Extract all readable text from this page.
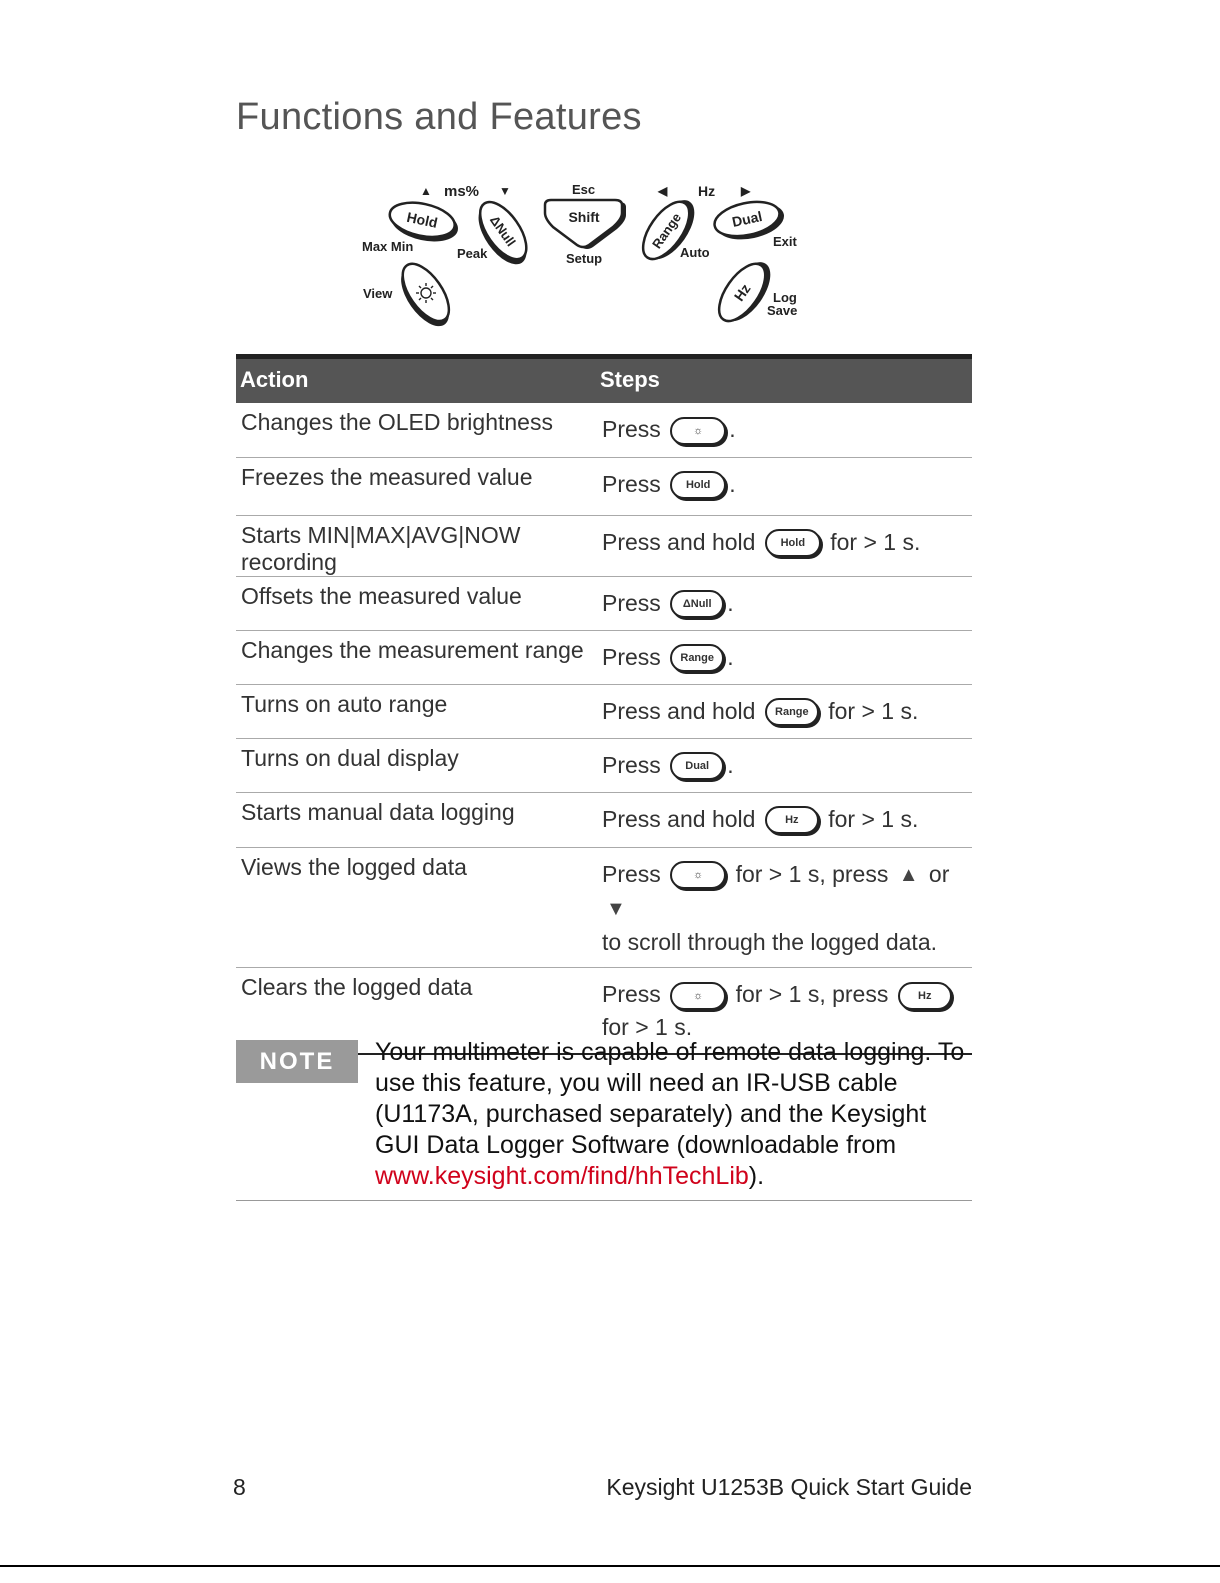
Functions and Features
▲ ms% ▼	Esc	◀ Hz ▶
Hold	ΔNull	Shift	Range	Dual
Max Min	Peak	Setup	Auto
Exit
View	Hz Log
Save
Action	Steps
Changes the OLED brightness	Press ☼ .
Freezes the measured value	Press Hold .
Starts MIN|MAX|AVG|NOW recording	Press and hold Hold for > 1 s.
Offsets the measured value	Press ΔNull .
Changes the measurement range	Press Range .
Turns on auto range	Press and hold Range for > 1 s.
Turns on dual display	Press Dual .
Starts manual data logging	Press and hold Hz for > 1 s.
Views the logged data	Press ☼ for > 1 s, press ▲ or ▼
to scroll through the logged data.
Clears the logged data	Press ☼ for > 1 s, press Hz
for > 1 s.
NOTE	Your multimeter is capable of remote data logging. To use this feature, you will need an IR-USB cable (U1173A, purchased separately) and the Keysight GUI Data Logger Software (downloadable from www.keysight.com/find/hhTechLib).

8	Keysight U1253B Quick Start Guide
